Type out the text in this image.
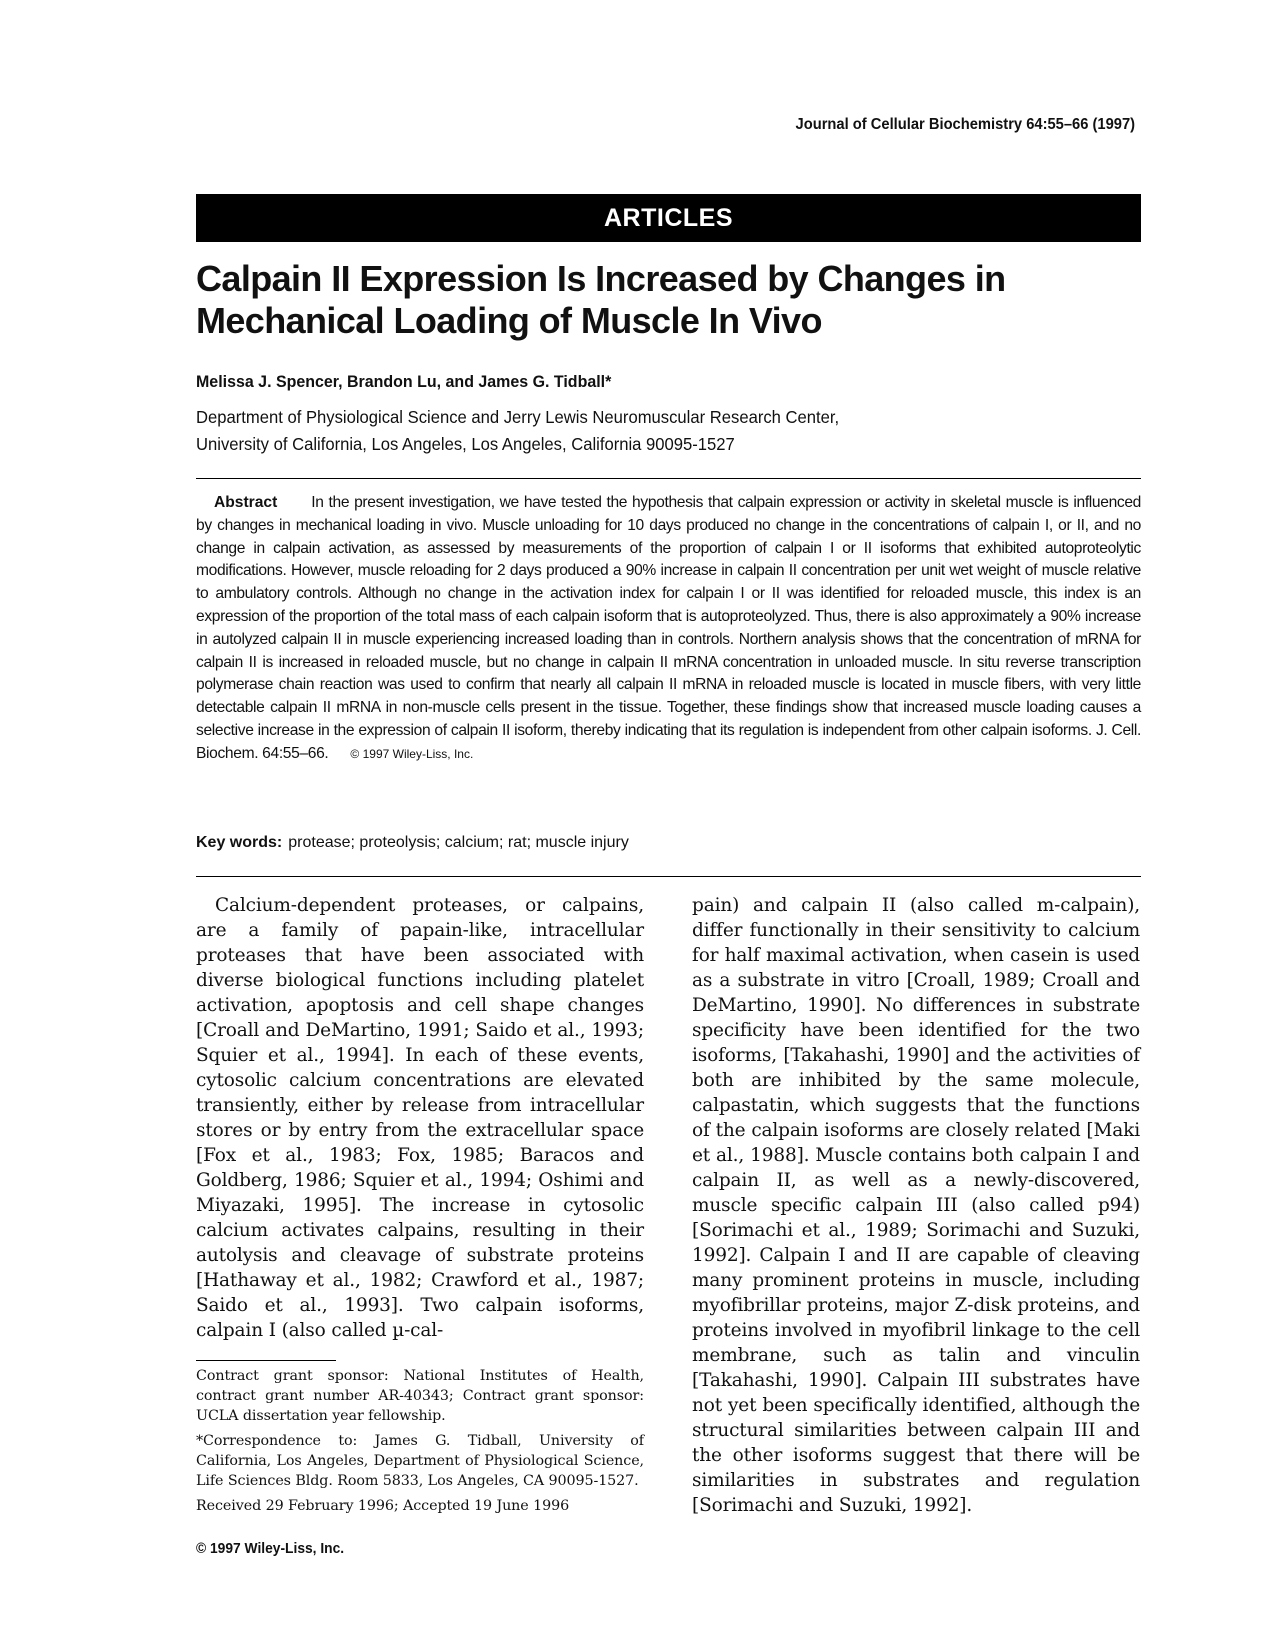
Journal of Cellular Biochemistry 64:55–66 (1997)
ARTICLES
Calpain II Expression Is Increased by Changes in Mechanical Loading of Muscle In Vivo
Melissa J. Spencer, Brandon Lu, and James G. Tidball*
Department of Physiological Science and Jerry Lewis Neuromuscular Research Center,
University of California, Los Angeles, Los Angeles, California 90095-1527
Abstract In the present investigation, we have tested the hypothesis that calpain expression or activity in skeletal muscle is influenced by changes in mechanical loading in vivo. Muscle unloading for 10 days produced no change in the concentrations of calpain I, or II, and no change in calpain activation, as assessed by measurements of the proportion of calpain I or II isoforms that exhibited autoproteolytic modifications. However, muscle reloading for 2 days produced a 90% increase in calpain II concentration per unit wet weight of muscle relative to ambulatory controls. Although no change in the activation index for calpain I or II was identified for reloaded muscle, this index is an expression of the proportion of the total mass of each calpain isoform that is autoproteolyzed. Thus, there is also approximately a 90% increase in autolyzed calpain II in muscle experiencing increased loading than in controls. Northern analysis shows that the concentration of mRNA for calpain II is increased in reloaded muscle, but no change in calpain II mRNA concentration in unloaded muscle. In situ reverse transcription polymerase chain reaction was used to confirm that nearly all calpain II mRNA in reloaded muscle is located in muscle fibers, with very little detectable calpain II mRNA in non-muscle cells present in the tissue. Together, these findings show that increased muscle loading causes a selective increase in the expression of calpain II isoform, thereby indicating that its regulation is independent from other calpain isoforms. J. Cell. Biochem. 64:55–66. © 1997 Wiley-Liss, Inc.
Key words: protease; proteolysis; calcium; rat; muscle injury
Calcium-dependent proteases, or calpains, are a family of papain-like, intracellular proteases that have been associated with diverse biological functions including platelet activation, apoptosis and cell shape changes [Croall and DeMartino, 1991; Saido et al., 1993; Squier et al., 1994]. In each of these events, cytosolic calcium concentrations are elevated transiently, either by release from intracellular stores or by entry from the extracellular space [Fox et al., 1983; Fox, 1985; Baracos and Goldberg, 1986; Squier et al., 1994; Oshimi and Miyazaki, 1995]. The increase in cytosolic calcium activates calpains, resulting in their autolysis and cleavage of substrate proteins [Hathaway et al., 1982; Crawford et al., 1987; Saido et al., 1993]. Two calpain isoforms, calpain I (also called µ-cal-
pain) and calpain II (also called m-calpain), differ functionally in their sensitivity to calcium for half maximal activation, when casein is used as a substrate in vitro [Croall, 1989; Croall and DeMartino, 1990]. No differences in substrate specificity have been identified for the two isoforms, [Takahashi, 1990] and the activities of both are inhibited by the same molecule, calpastatin, which suggests that the functions of the calpain isoforms are closely related [Maki et al., 1988]. Muscle contains both calpain I and calpain II, as well as a newly-discovered, muscle specific calpain III (also called p94) [Sorimachi et al., 1989; Sorimachi and Suzuki, 1992]. Calpain I and II are capable of cleaving many prominent proteins in muscle, including myofibrillar proteins, major Z-disk proteins, and proteins involved in myofibril linkage to the cell membrane, such as talin and vinculin [Takahashi, 1990]. Calpain III substrates have not yet been specifically identified, although the structural similarities between calpain III and the other isoforms suggest that there will be similarities in substrates and regulation [Sorimachi and Suzuki, 1992].

Contract grant sponsor: National Institutes of Health, contract grant number AR-40343; Contract grant sponsor: UCLA dissertation year fellowship.

*Correspondence to: James G. Tidball, University of California, Los Angeles, Department of Physiological Science, Life Sciences Bldg. Room 5833, Los Angeles, CA 90095-1527.

Received 29 February 1996; Accepted 19 June 1996

© 1997 Wiley-Liss, Inc.
